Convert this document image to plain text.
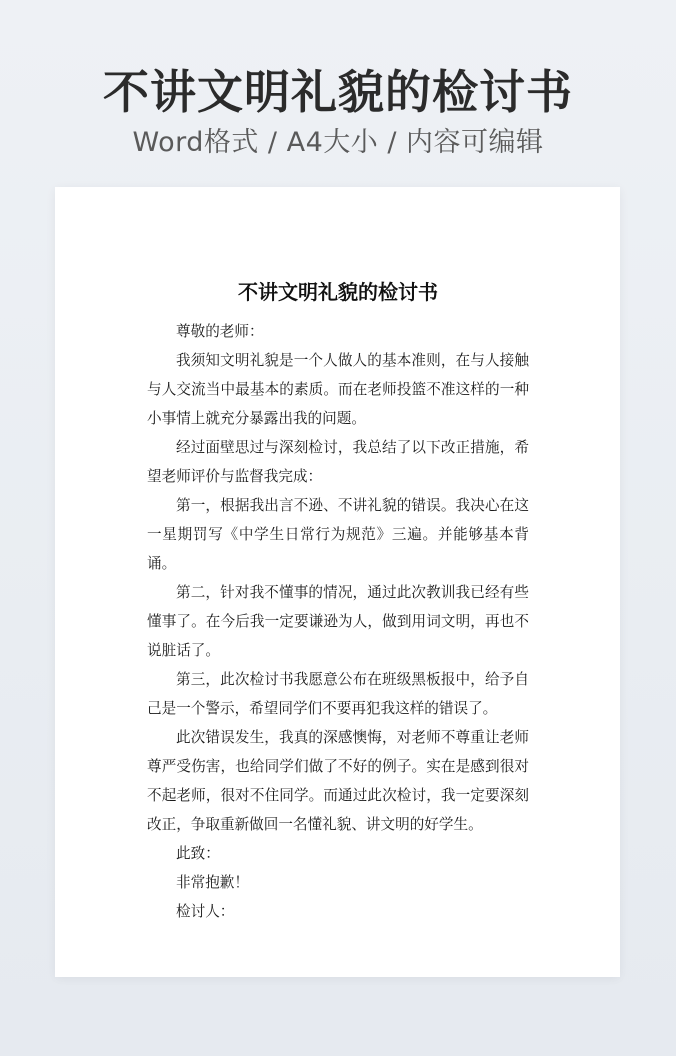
不讲文明礼貌的检讨书
Word格式 / A4大小 / 内容可编辑
不讲文明礼貌的检讨书

尊敬的老师：

我须知文明礼貌是一个人做人的基本准则，在与人接触与人交流当中最基本的素质。而在老师投篮不准这样的一种小事情上就充分暴露出我的问题。

经过面壁思过与深刻检讨，我总结了以下改正措施，希望老师评价与监督我完成：

第一，根据我出言不逊、不讲礼貌的错误。我决心在这一星期罚写《中学生日常行为规范》三遍。并能够基本背诵。

第二，针对我不懂事的情况，通过此次教训我已经有些懂事了。在今后我一定要谦逊为人，做到用词文明，再也不说脏话了。

第三，此次检讨书我愿意公布在班级黑板报中，给予自己是一个警示，希望同学们不要再犯我这样的错误了。

此次错误发生，我真的深感懊悔，对老师不尊重让老师尊严受伤害，也给同学们做了不好的例子。实在是感到很对不起老师，很对不住同学。而通过此次检讨，我一定要深刻改正，争取重新做回一名懂礼貌、讲文明的好学生。

此致：

非常抱歉！

检讨人：
